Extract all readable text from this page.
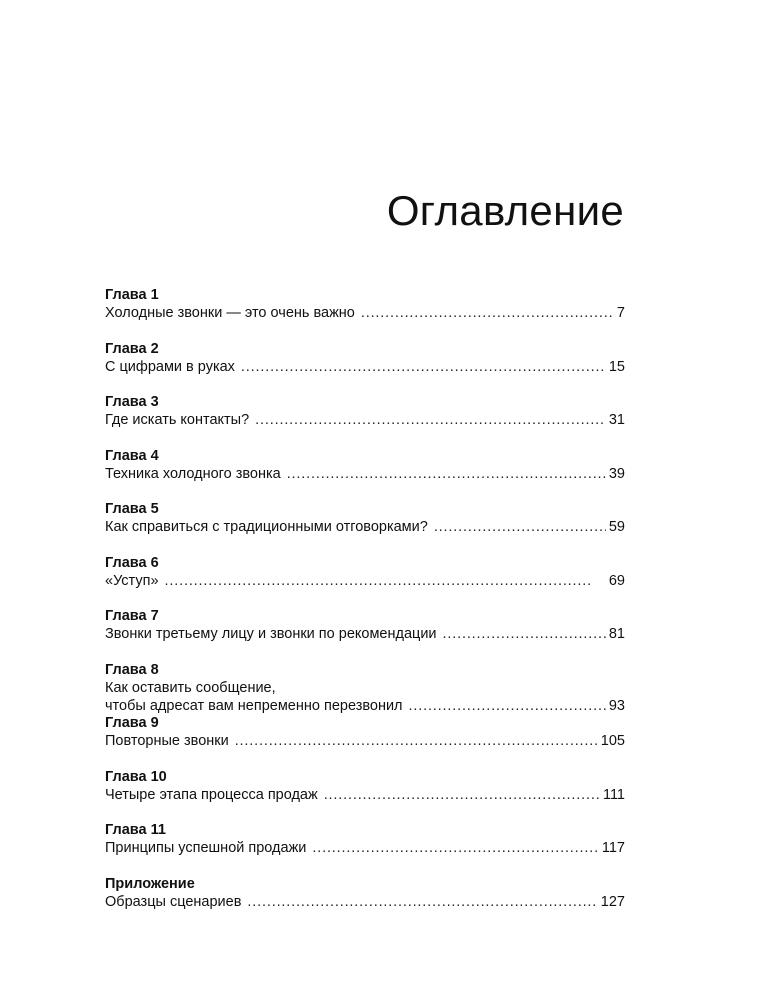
Оглавление
Глава 1
Холодные звонки — это очень важно . . .	7
Глава 2
С цифрами в руках . . .	15
Глава 3
Где искать контакты? . . .	31
Глава 4
Техника холодного звонка . . .	39
Глава 5
Как справиться с традиционными отговорками? . . .	59
Глава 6
«Уступ» . . .	69
Глава 7
Звонки третьему лицу и звонки по рекомендации . . .	81
Глава 8
Как оставить сообщение,
чтобы адресат вам непременно перезвонил . . .	93
Глава 9
Повторные звонки . . .	105
Глава 10
Четыре этапа процесса продаж . . .	111
Глава 11
Принципы успешной продажи . . .	117
Приложение
Образцы сценариев . . .	127
